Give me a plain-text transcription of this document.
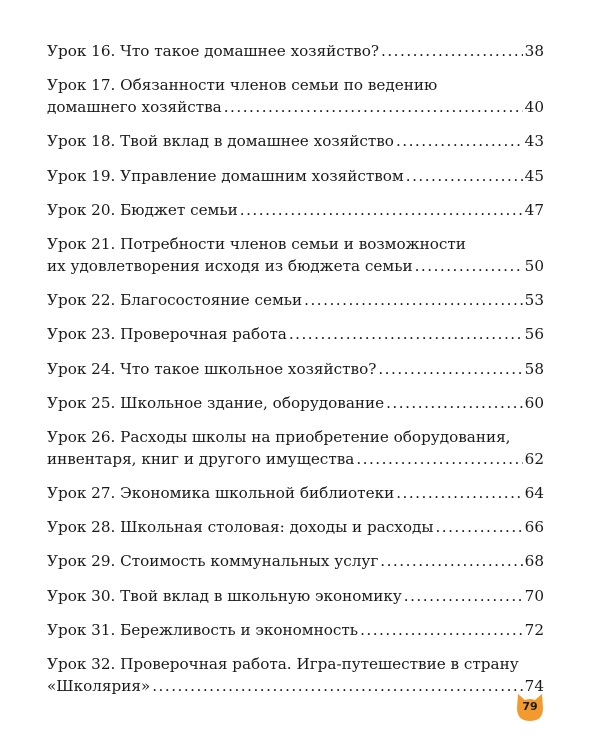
Урок 16. Что такое домашнее хозяйство? .....	38
Урок 17. Обязанности членов семьи по ведению
домашнего хозяйства .....	40
Урок 18. Твой вклад в домашнее хозяйство .....	43
Урок 19. Управление домашним хозяйством .....	45
Урок 20. Бюджет семьи .....	47
Урок 21. Потребности членов семьи и возможности
их удовлетворения исходя из бюджета семьи .....	50
Урок 22. Благосостояние семьи .....	53
Урок 23. Проверочная работа .....	56
Урок 24. Что такое школьное хозяйство? .....	58
Урок 25. Школьное здание, оборудование .....	60
Урок 26. Расходы школы на приобретение оборудования,
инвентаря, книг и другого имущества .....	62
Урок 27. Экономика школьной библиотеки .....	64
Урок 28. Школьная столовая: доходы и расходы .....	66
Урок 29. Стоимость коммунальных услуг .....	68
Урок 30. Твой вклад в школьную экономику .....	70
Урок 31. Бережливость и экономность .....	72
Урок 32. Проверочная работа. Игра-путешествие в страну
«Школярия» .....	74
79
